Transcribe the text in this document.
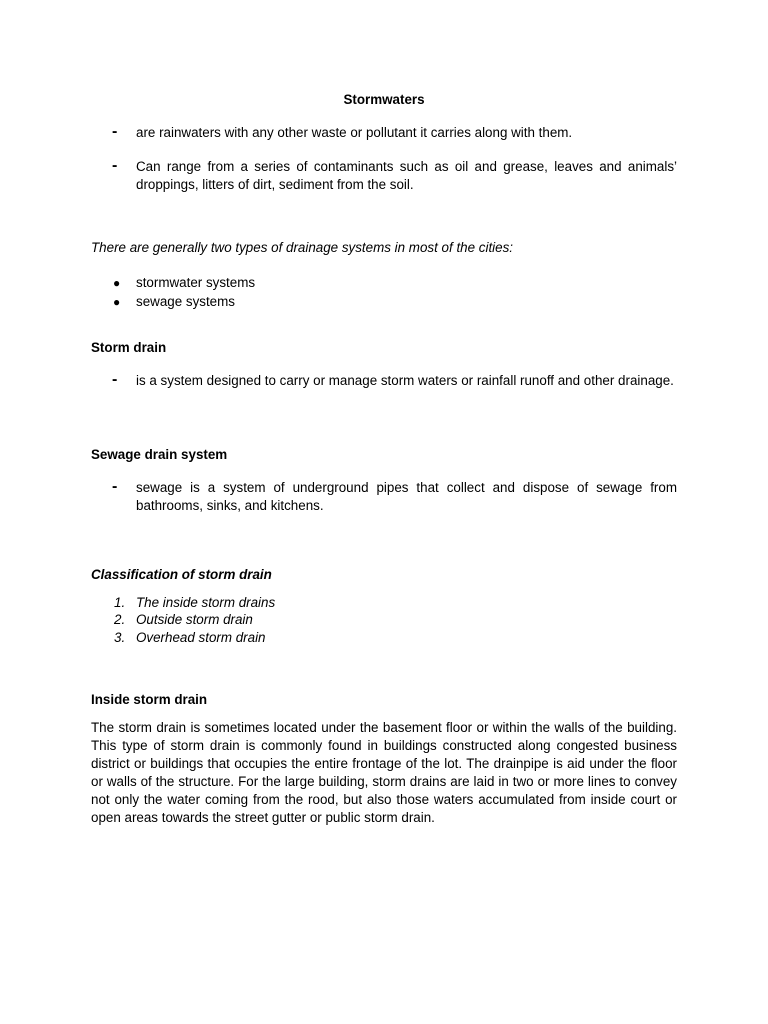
Stormwaters
- are rainwaters with any other waste or pollutant it carries along with them.
- Can range from a series of contaminants such as oil and grease, leaves and animals’ droppings, litters of dirt, sediment from the soil.
There are generally two types of drainage systems in most of the cities:
● stormwater systems
● sewage systems
Storm drain
- is a system designed to carry or manage storm waters or rainfall runoff and other drainage.
Sewage drain system
- sewage is a system of underground pipes that collect and dispose of sewage from bathrooms, sinks, and kitchens.
Classification of storm drain
1. The inside storm drains
2. Outside storm drain
3. Overhead storm drain
Inside storm drain
The storm drain is sometimes located under the basement floor or within the walls of the building. This type of storm drain is commonly found in buildings constructed along congested business district or buildings that occupies the entire frontage of the lot. The drainpipe is aid under the floor or walls of the structure. For the large building, storm drains are laid in two or more lines to convey not only the water coming from the rood, but also those waters accumulated from inside court or open areas towards the street gutter or public storm drain.
